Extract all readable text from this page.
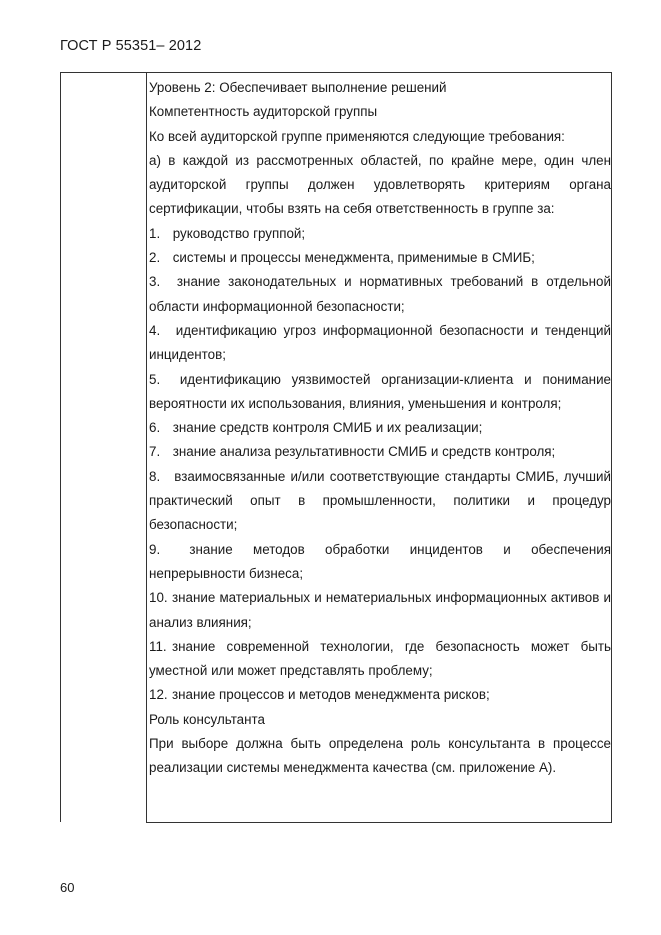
ГОСТ Р 55351– 2012

Уровень 2: Обеспечивает выполнение решений

Компетентность аудиторской группы

Ко всей аудиторской группе применяются следующие требования:

а) в каждой из рассмотренных областей, по крайне мере, один член аудиторской группы должен удовлетворять критериям органа сертификации, чтобы взять на себя ответственность в группе за:

1. руководство группой;

2. системы и процессы менеджмента, применимые в СМИБ;

3. знание законодательных и нормативных требований в отдельной области информационной безопасности;

4. идентификацию угроз информационной безопасности и тенденций инцидентов;

5. идентификацию уязвимостей организации-клиента и понимание вероятности их использования, влияния, уменьшения и контроля;

6. знание средств контроля СМИБ и их реализации;

7. знание анализа результативности СМИБ и средств контроля;

8. взаимосвязанные и/или соответствующие стандарты СМИБ, лучший практический опыт в промышленности, политики и процедур безопасности;

9. знание методов обработки инцидентов и обеспечения непрерывности бизнеса;

10. знание материальных и нематериальных информационных активов и анализ влияния;

11. знание современной технологии, где безопасность может быть уместной или может представлять проблему;

12. знание процессов и методов менеджмента рисков;

Роль консультанта

При выборе должна быть определена роль консультанта в процессе реализации системы менеджмента качества (см. приложение А).

60
